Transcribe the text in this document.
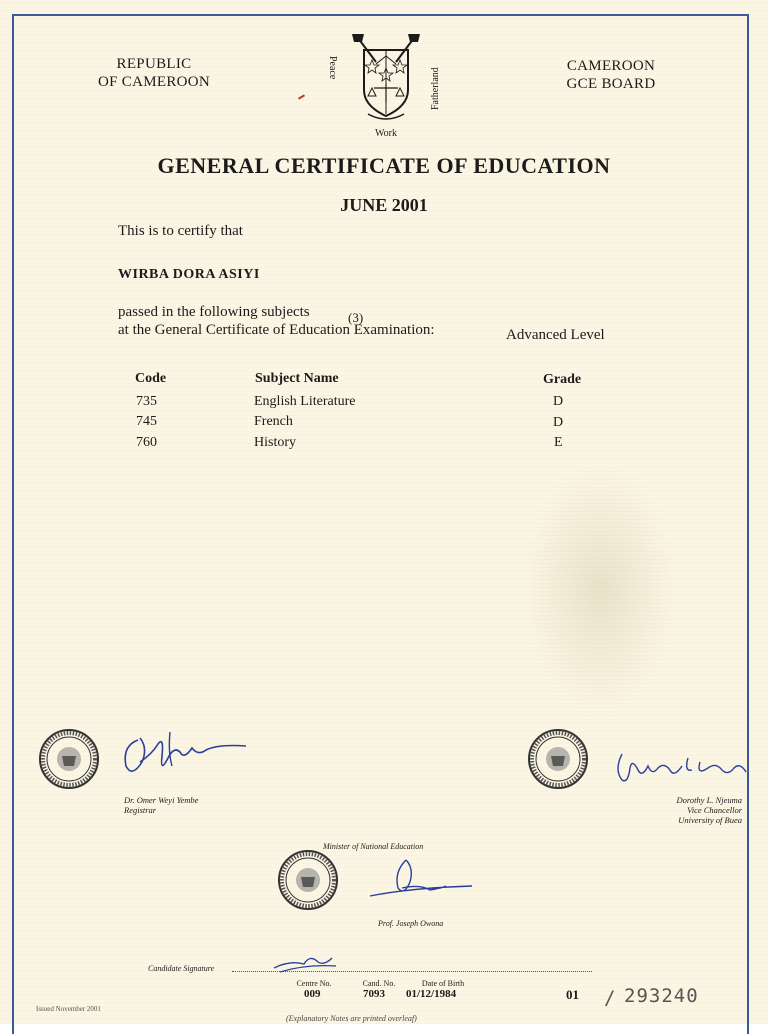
REPUBLIC
OF CAMEROON
CAMEROON
GCE BOARD
Peace	Fatherland
Work
GENERAL CERTIFICATE OF EDUCATION
JUNE 2001
This is to certify that
WIRBA DORA ASIYI
passed in the following subjects	(3)
at the General Certificate of Education Examination:	Advanced Level
Code	Subject Name	Grade
735	English Literature	D
745	French	D
760	History	E
Dr. Omer Weyi Yembe
Registrar
Dorothy L. Njeuma
Vice Chancellor
University of Buea
Minister of National Education
Prof. Joseph Owona
Candidate Signature
Centre No.
009
Cand. No.
7093
Date of Birth
01/12/1984	01 / 293240
Issued November 2001
(Explanatory Notes are printed overleaf)
